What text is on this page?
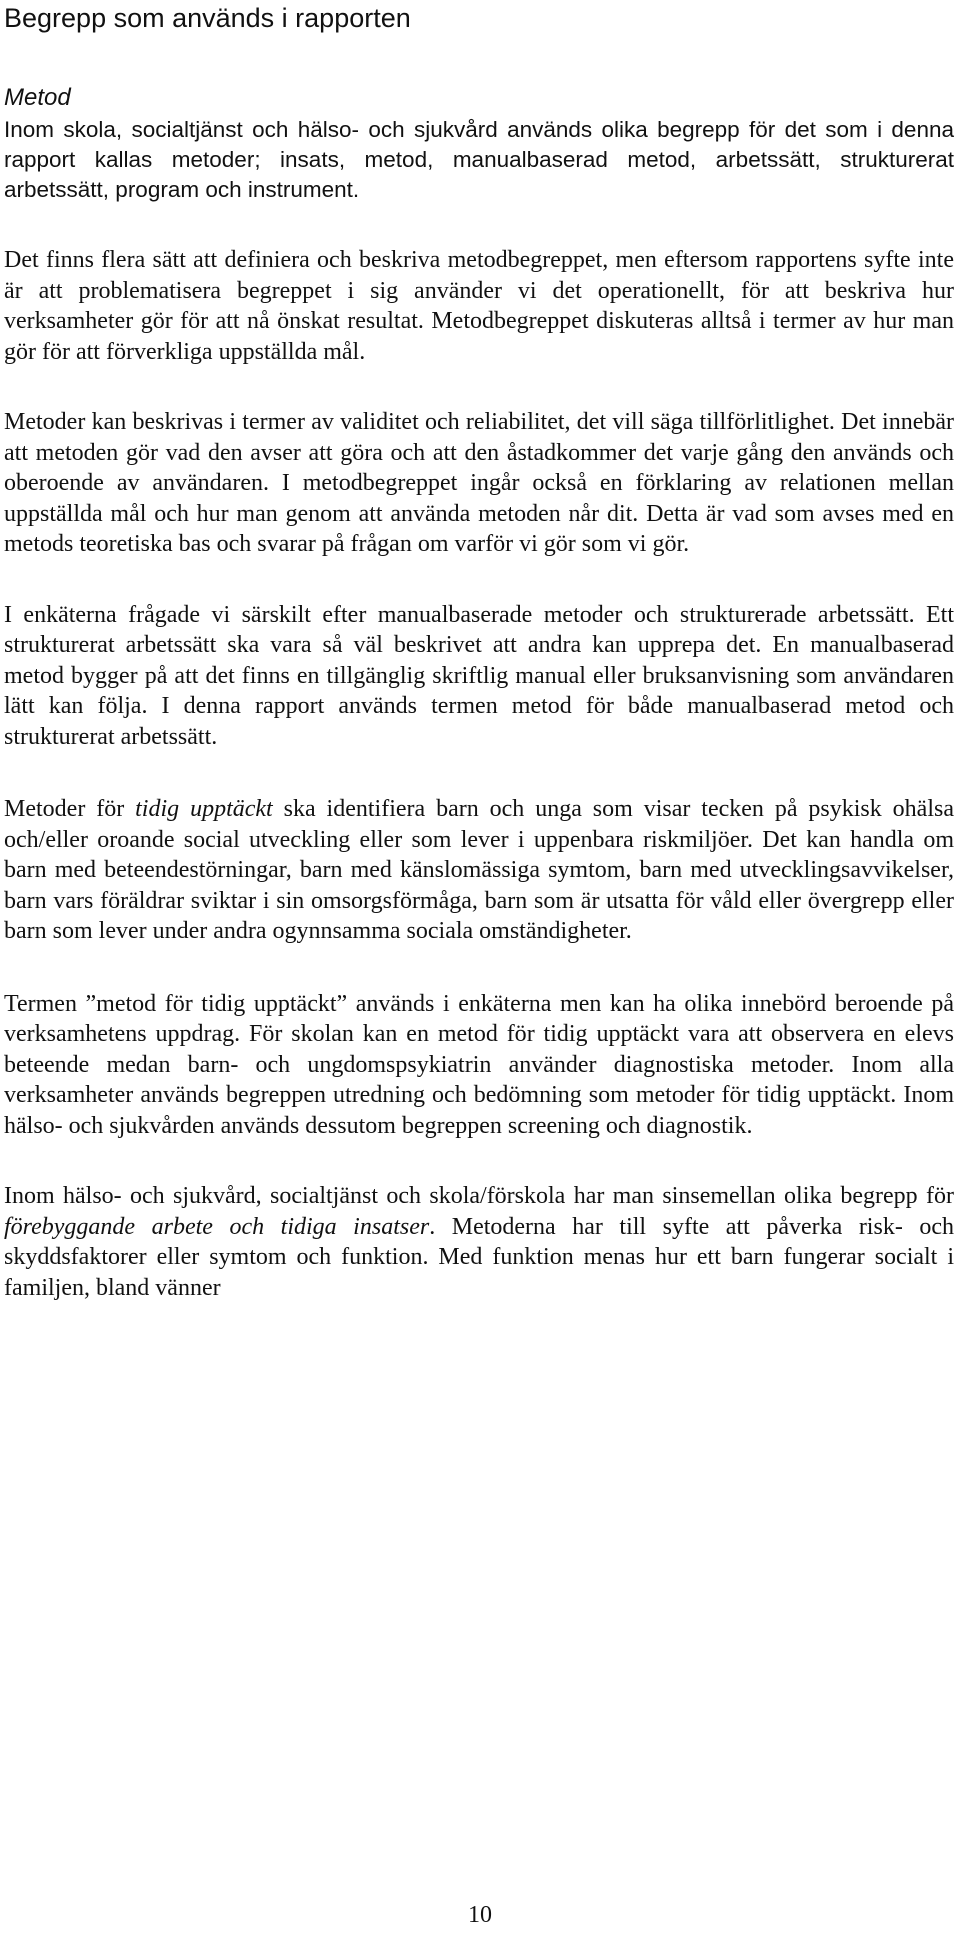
Begrepp som används i rapporten
Metod

Inom skola, socialtjänst och hälso- och sjukvård används olika begrepp för det som i denna rapport kallas metoder; insats, metod, manualbaserad metod, arbetssätt, strukturerat arbetssätt, program och instrument.

Det finns flera sätt att definiera och beskriva metodbegreppet, men eftersom rapportens syfte inte är att problematisera begreppet i sig använder vi det operationellt, för att beskriva hur verksamheter gör för att nå önskat resultat. Metodbegreppet diskuteras alltså i termer av hur man gör för att förverkliga uppställda mål.

Metoder kan beskrivas i termer av validitet och reliabilitet, det vill säga tillförlitlighet. Det innebär att metoden gör vad den avser att göra och att den åstadkommer det varje gång den används och oberoende av användaren. I metodbegreppet ingår också en förklaring av relationen mellan uppställda mål och hur man genom att använda metoden når dit. Detta är vad som avses med en metods teoretiska bas och svarar på frågan om varför vi gör som vi gör.

I enkäterna frågade vi särskilt efter manualbaserade metoder och strukturerade arbetssätt. Ett strukturerat arbetssätt ska vara så väl beskrivet att andra kan upprepa det. En manualbaserad metod bygger på att det finns en tillgänglig skriftlig manual eller bruksanvisning som användaren lätt kan följa. I denna rapport används termen metod för både manualbaserad metod och strukturerat arbetssätt.

Metoder för tidig upptäckt ska identifiera barn och unga som visar tecken på psykisk ohälsa och/eller oroande social utveckling eller som lever i uppenbara riskmiljöer. Det kan handla om barn med beteendestörningar, barn med känslomässiga symtom, barn med utvecklingsavvikelser, barn vars föräldrar sviktar i sin omsorgsförmåga, barn som är utsatta för våld eller övergrepp eller barn som lever under andra ogynnsamma sociala omständigheter.

Termen ”metod för tidig upptäckt” används i enkäterna men kan ha olika innebörd beroende på verksamhetens uppdrag. För skolan kan en metod för tidig upptäckt vara att observera en elevs beteende medan barn- och ungdomspsykiatrin använder diagnostiska metoder. Inom alla verksamheter används begreppen utredning och bedömning som metoder för tidig upptäckt. Inom hälso- och sjukvården används dessutom begreppen screening och diagnostik.

Inom hälso- och sjukvård, socialtjänst och skola/förskola har man sinsemellan olika begrepp för förebyggande arbete och tidiga insatser. Metoderna har till syfte att påverka risk- och skyddsfaktorer eller symtom och funktion. Med funktion menas hur ett barn fungerar socialt i familjen, bland vänner

10
